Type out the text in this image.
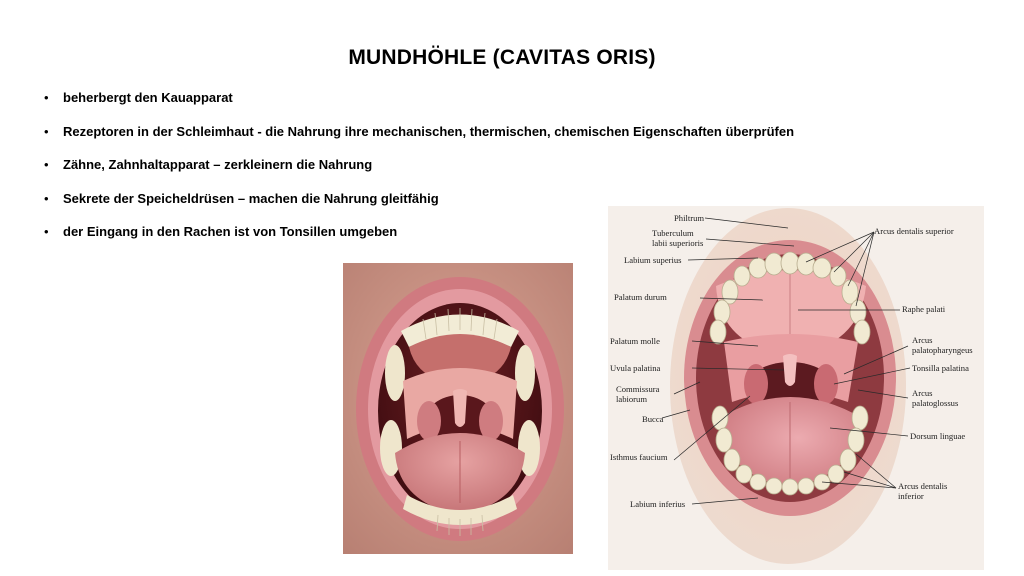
MUNDHÖHLE (CAVITAS ORIS)
• beherbergt den Kauapparat
• Rezeptoren in der Schleimhaut - die Nahrung ihre mechanischen, thermischen, chemischen Eigenschaften überprüfen
• Zähne, Zahnhaltapparat – zerkleinern die Nahrung
• Sekrete der Speicheldrüsen – machen die Nahrung gleitfähig
• der Eingang in den Rachen ist von Tonsillen umgeben
Philtrum
Tuberculum
labii superioris
Labium superius
Palatum durum
Palatum molle
Uvula palatina
Commissura
labiorum
Bucca
Isthmus faucium
Labium inferius
Arcus dentalis superior
Raphe palati
Arcus
palatopharyngeus
Tonsilla palatina
Arcus
palatoglossus
Dorsum linguae
Arcus dentalis
inferior
